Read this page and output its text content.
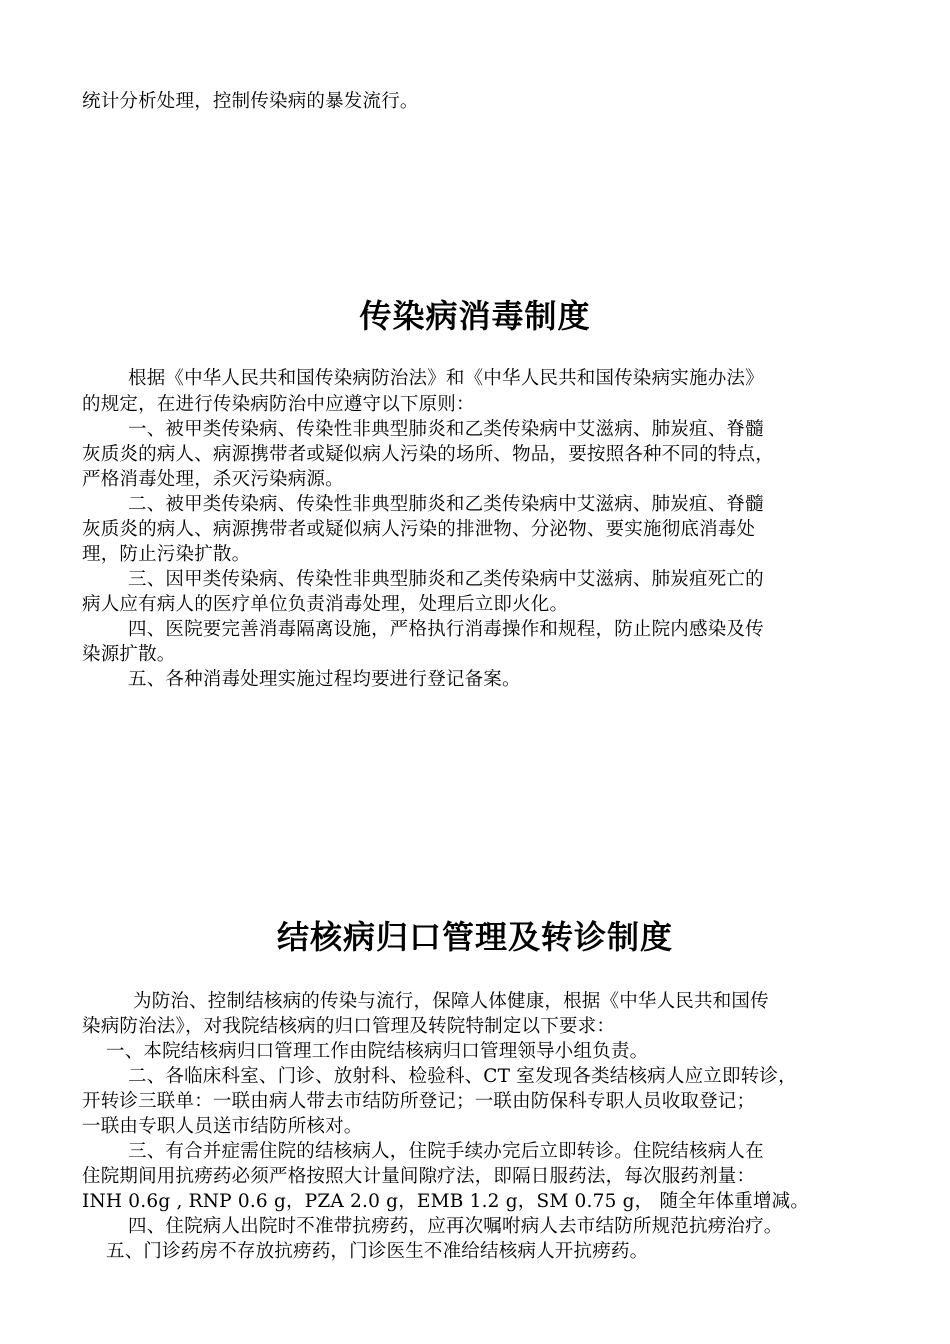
统计分析处理，控制传染病的暴发流行。
传染病消毒制度
根据《中华人民共和国传染病防治法》和《中华人民共和国传染病实施办法》
的规定，在进行传染病防治中应遵守以下原则：
一、被甲类传染病、传染性非典型肺炎和乙类传染病中艾滋病、肺炭疽、脊髓
灰质炎的病人、病源携带者或疑似病人污染的场所、物品，要按照各种不同的特点，
严格消毒处理，杀灭污染病源。
二、被甲类传染病、传染性非典型肺炎和乙类传染病中艾滋病、肺炭疽、脊髓
灰质炎的病人、病源携带者或疑似病人污染的排泄物、分泌物、要实施彻底消毒处
理，防止污染扩散。
三、因甲类传染病、传染性非典型肺炎和乙类传染病中艾滋病、肺炭疽死亡的
病人应有病人的医疗单位负责消毒处理，处理后立即火化。
四、医院要完善消毒隔离设施，严格执行消毒操作和规程，防止院内感染及传
染源扩散。
五、各种消毒处理实施过程均要进行登记备案。
结核病归口管理及转诊制度
为防治、控制结核病的传染与流行，保障人体健康，根据《中华人民共和国传
染病防治法》，对我院结核病的归口管理及转院特制定以下要求：
一、本院结核病归口管理工作由院结核病归口管理领导小组负责。
二、各临床科室、门诊、放射科、检验科、CT 室发现各类结核病人应立即转诊，
开转诊三联单：一联由病人带去市结防所登记；一联由防保科专职人员收取登记；
一联由专职人员送市结防所核对。
三、有合并症需住院的结核病人，住院手续办完后立即转诊。住院结核病人在
住院期间用抗痨药必须严格按照大计量间隙疗法，即隔日服药法，每次服药剂量：
INH 0.6g , RNP 0.6 g，PZA 2.0 g，EMB 1.2 g，SM 0.75 g， 随全年体重增减。
四、住院病人出院时不准带抗痨药，应再次嘱咐病人去市结防所规范抗痨治疗。
五、门诊药房不存放抗痨药，门诊医生不准给结核病人开抗痨药。
